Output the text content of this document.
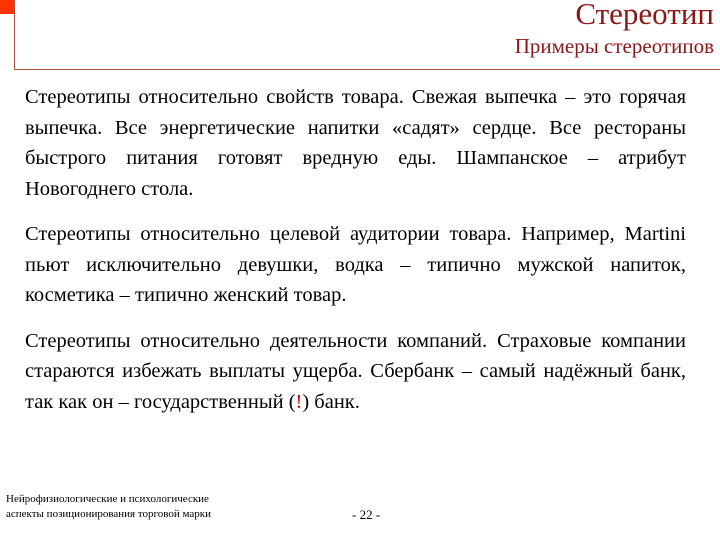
Стереотип
Примеры стереотипов

Стереотипы относительно свойств товара. Свежая выпечка – это горячая выпечка. Все энергетические напитки «садят» сердце. Все рестораны быстрого питания готовят вредную еды. Шампанское – атрибут Новогоднего стола.

Стереотипы относительно целевой аудитории товара. Например, Martini пьют исключительно девушки, водка – типично мужской напиток, косметика – типично женский товар.

Стереотипы относительно деятельности компаний. Страховые компании стараются избежать выплаты ущерба. Сбербанк – самый надёжный банк, так как он – государственный (!) банк.

Нейрофизиологические и психологические
аспекты позиционирования торговой марки	- 22 -
